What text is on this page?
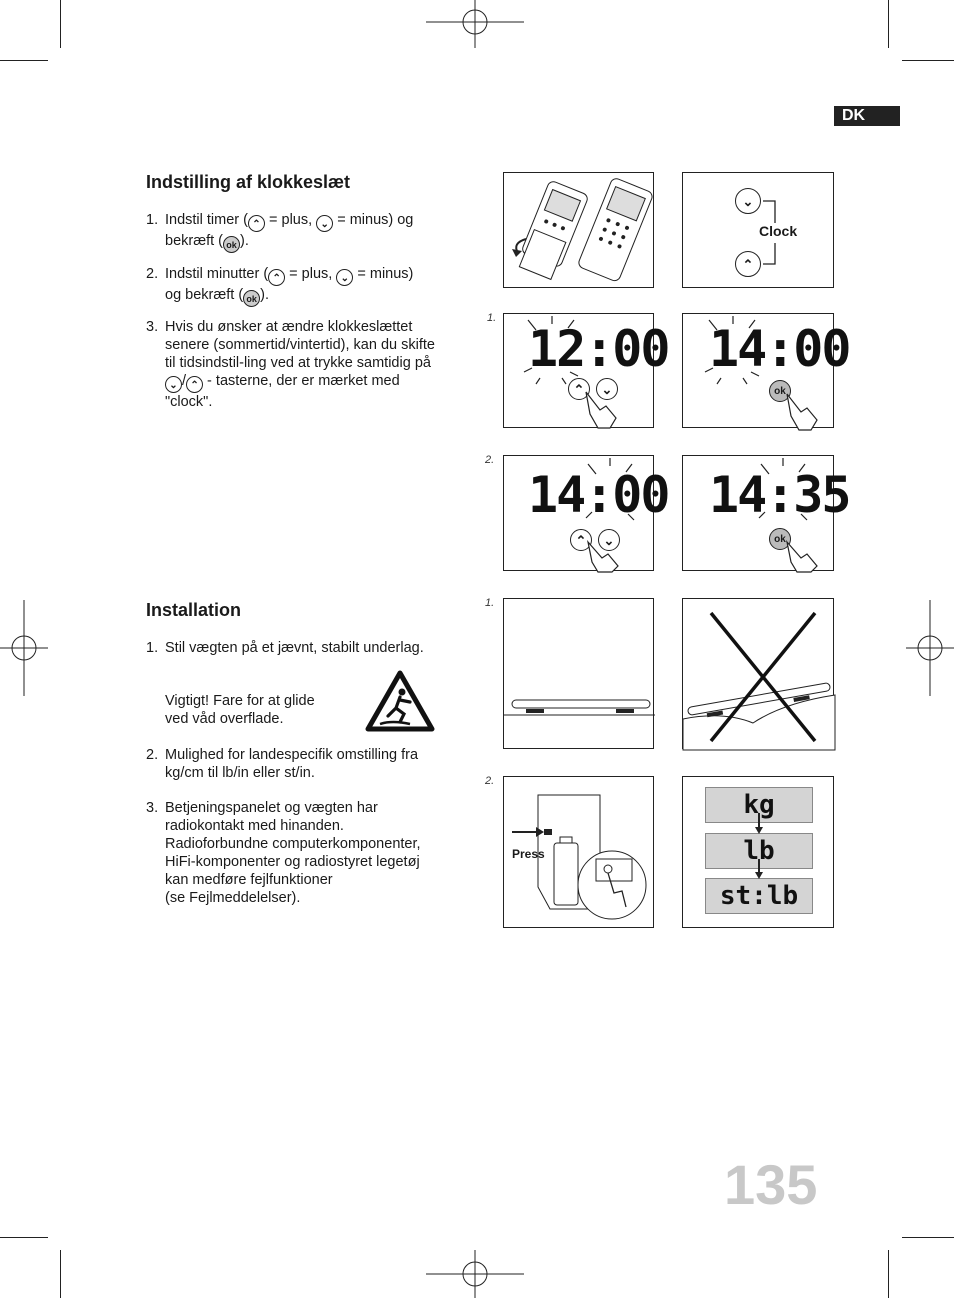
DK
Indstilling af klokkeslæt
1. Indstil timer ( ⌃ = plus, ⌄ = minus) og
bekræft ( ok ).
2. Indstil minutter ( ⌃ = plus, ⌄ = minus)
og bekræft ( ok ).
3. Hvis du ønsker at ændre klokkeslættet
senere (sommertid/vintertid), kan du skifte
til tidsindstil-ling ved at trykke samtidig på
⌄ / ⌃ - tasterne, der er mærket med
"clock".
Installation
1. Stil vægten på et jævnt, stabilt underlag.
Vigtigt! Fare for at glide
ved våd overflade.
2. Mulighed for landespecifik omstilling fra
kg/cm til lb/in eller st/in.
3. Betjeningspanelet og vægten har
radiokontakt med hinanden.
Radioforbundne computerkomponenter,
HiFi-komponenter og radiostyret legetøj
kan medføre fejlfunktioner
(se Fejlmeddelelser).
⌄
⌃
Clock
1.
2.
1.
2.
12:00
⌃	⌄
14:00
ok
14:00
⌃	⌄
14:35
ok
Press
kg
lb
st:lb
135
